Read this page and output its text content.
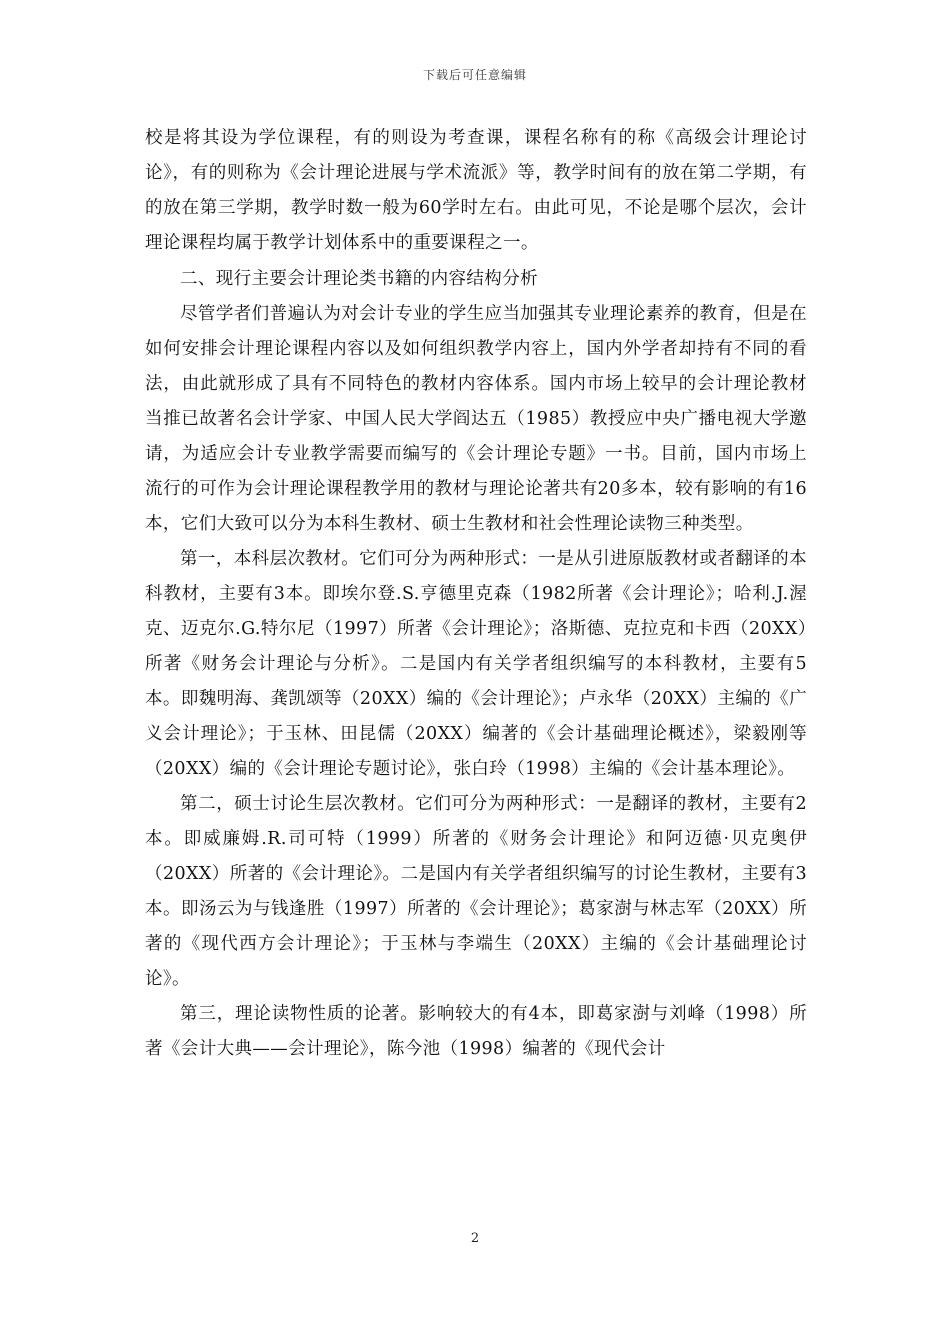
下载后可任意编辑

校是将其设为学位课程，有的则设为考查课，课程名称有的称《高级会计理论讨论》，有的则称为《会计理论进展与学术流派》等，教学时间有的放在第二学期，有的放在第三学期，教学时数一般为60学时左右。由此可见，不论是哪个层次，会计理论课程均属于教学计划体系中的重要课程之一。

二、现行主要会计理论类书籍的内容结构分析

尽管学者们普遍认为对会计专业的学生应当加强其专业理论素养的教育，但是在如何安排会计理论课程内容以及如何组织教学内容上，国内外学者却持有不同的看法，由此就形成了具有不同特色的教材内容体系。国内市场上较早的会计理论教材当推已故著名会计学家、中国人民大学阎达五（1985）教授应中央广播电视大学邀请，为适应会计专业教学需要而编写的《会计理论专题》一书。目前，国内市场上流行的可作为会计理论课程教学用的教材与理论论著共有20多本，较有影响的有16本，它们大致可以分为本科生教材、硕士生教材和社会性理论读物三种类型。

第一，本科层次教材。它们可分为两种形式：一是从引进原版教材或者翻译的本科教材，主要有3本。即埃尔登.S.亨德里克森（1982所著《会计理论》；哈利.J.渥克、迈克尔.G.特尔尼（1997）所著《会计理论》；洛斯德、克拉克和卡西（20XX）所著《财务会计理论与分析》。二是国内有关学者组织编写的本科教材，主要有5本。即魏明海、龚凯颂等（20XX）编的《会计理论》；卢永华（20XX）主编的《广义会计理论》；于玉林、田昆儒（20XX）编著的《会计基础理论概述》，梁毅刚等（20XX）编的《会计理论专题讨论》，张白玲（1998）主编的《会计基本理论》。

第二，硕士讨论生层次教材。它们可分为两种形式：一是翻译的教材，主要有2本。即威廉姆.R.司可特（1999）所著的《财务会计理论》和阿迈德·贝克奥伊（20XX）所著的《会计理论》。二是国内有关学者组织编写的讨论生教材，主要有3本。即汤云为与钱逢胜（1997）所著的《会计理论》；葛家澍与林志军（20XX）所著的《现代西方会计理论》；于玉林与李端生（20XX）主编的《会计基础理论讨论》。

第三，理论读物性质的论著。影响较大的有4本，即葛家澍与刘峰（1998）所著《会计大典——会计理论》，陈今池（1998）编著的《现代会计

2
